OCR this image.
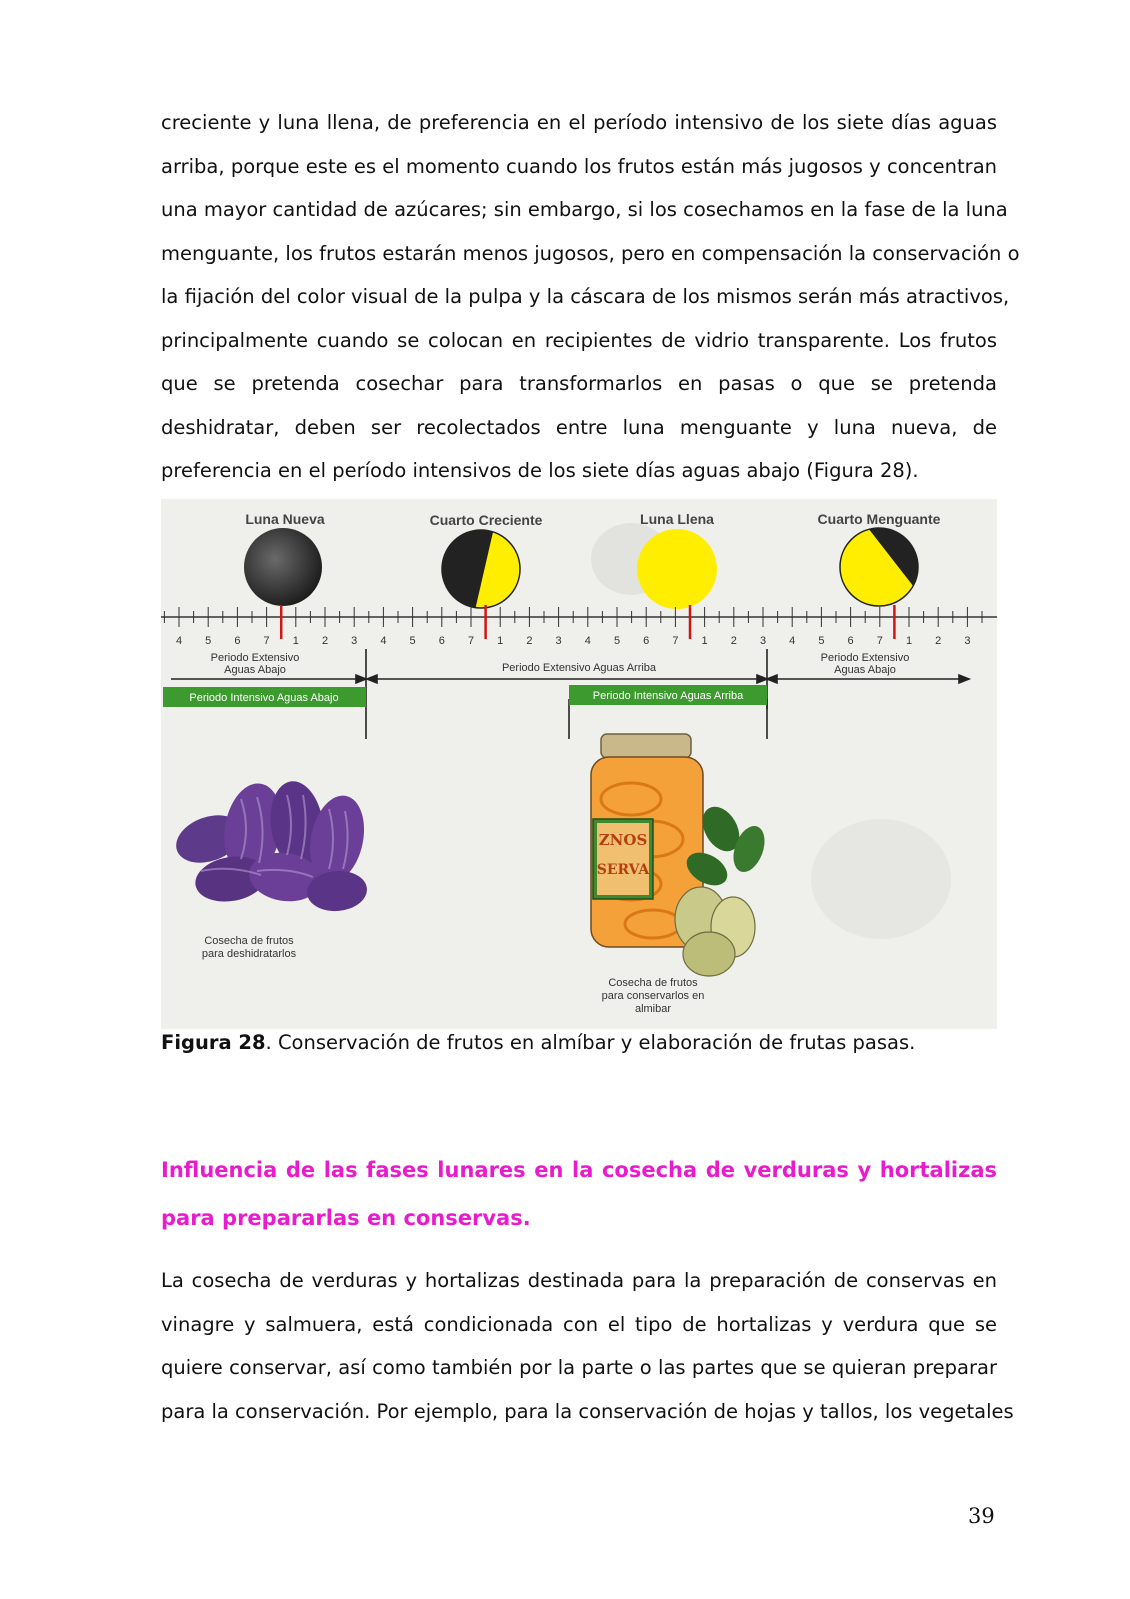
creciente y luna llena, de preferencia en el período intensivo de los siete días aguas
arriba, porque este es el momento cuando los frutos están más jugosos y concentran
una mayor cantidad de azúcares; sin embargo, si los cosechamos en la fase de la luna
menguante, los frutos estarán menos jugosos, pero en compensación la conservación o
la fijación del color visual de la pulpa y la cáscara de los mismos serán más atractivos,
principalmente cuando se colocan en recipientes de vidrio transparente. Los frutos
que se pretenda cosechar para transformarlos en pasas o que se pretenda
deshidratar, deben ser recolectados entre luna menguante y luna nueva, de
preferencia en el período intensivos de los siete días aguas abajo (Figura 28).
Luna Nueva	Cuarto Creciente	Luna Llena	Cuarto Menguante
4 5 6 7 1 2 3 4 5 6 7 1 2 3 4 5 6 7 1 2 3 4 5 6 7 1 2 3
Periodo Extensivo
Aguas Abajo	Periodo Extensivo Aguas Arriba
Periodo Extensivo
Aguas Abajo
Periodo Intensivo Aguas Abajo	Periodo Intensivo Aguas Arriba
Cosecha de frutos
para deshidratarlos
ZNOS
SERVA
Cosecha de frutos
para conservarlos en
almibar
Figura 28. Conservación de frutos en almíbar y elaboración de frutas pasas.
Influencia de las fases lunares en la cosecha de verduras y hortalizas
para prepararlas en conservas.
La cosecha de verduras y hortalizas destinada para la preparación de conservas en
vinagre y salmuera, está condicionada con el tipo de hortalizas y verdura que se
quiere conservar, así como también por la parte o las partes que se quieran preparar
para la conservación. Por ejemplo, para la conservación de hojas y tallos, los vegetales
39
